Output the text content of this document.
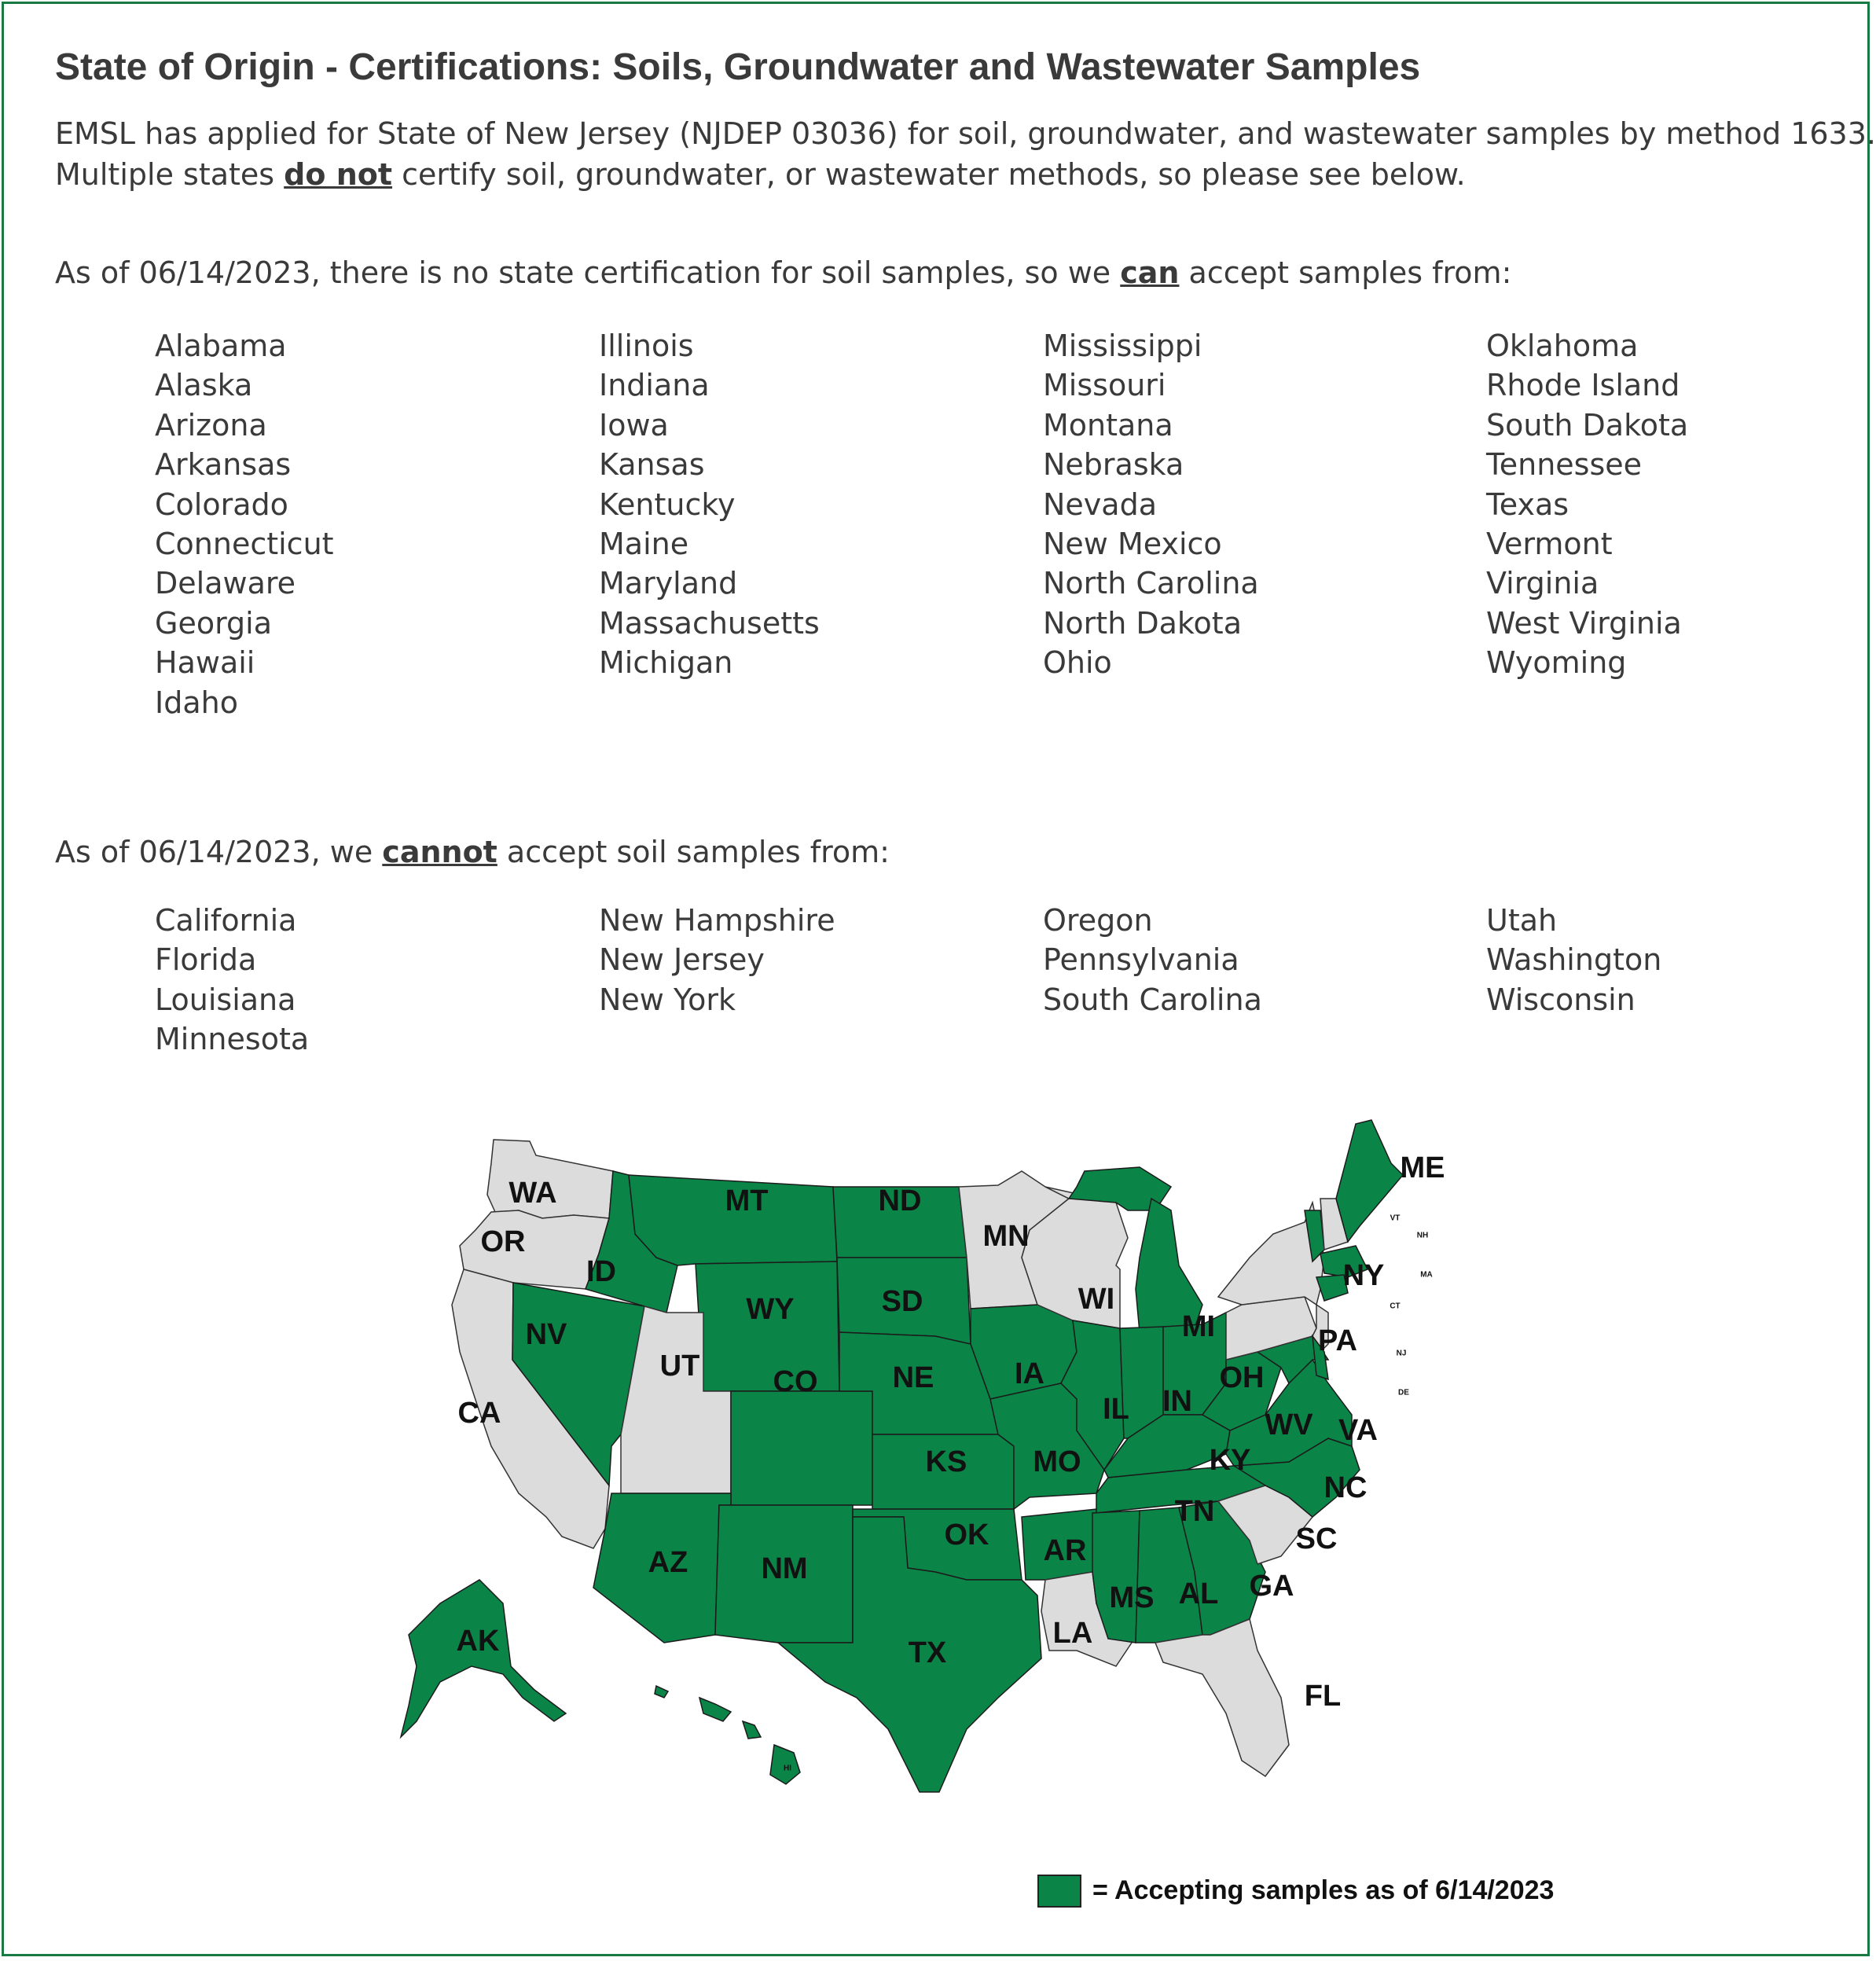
State of Origin - Certifications: Soils, Groundwater and Wastewater Samples
EMSL has applied for State of New Jersey (NJDEP 03036) for soil, groundwater, and wastewater samples by method 1633.
Multiple states do not certify soil, groundwater, or wastewater methods, so please see below.
As of 06/14/2023, there is no state certification for soil samples, so we can accept samples from:
Alabama
Alaska
Arizona
Arkansas
Colorado
Connecticut
Delaware
Georgia
Hawaii
Idaho
Illinois
Indiana
Iowa
Kansas
Kentucky
Maine
Maryland
Massachusetts
Michigan
Mississippi
Missouri
Montana
Nebraska
Nevada
New Mexico
North Carolina
North Dakota
Ohio
Oklahoma
Rhode Island
South Dakota
Tennessee
Texas
Vermont
Virginia
West Virginia
Wyoming
As of 06/14/2023, we cannot accept soil samples from:
California
Florida
Louisiana
Minnesota
New Hampshire
New Jersey
New York
Oregon
Pennsylvania
South Carolina
Utah
Washington
Wisconsin
WA
OR
CA
NV
ID
MT
WY
UT CO
AZ NM
ND
SD
NE
KS
OK
TX
MN
IA
MO
AR
LA
WI
IL
MI
IN
OH
KY
TN
MS AL GA
FL
SC
NC
VA
WV
PA
NY
ME
AK
VT
NH
MA
CT
NJ
DE
HI
= Accepting samples as of 6/14/2023
